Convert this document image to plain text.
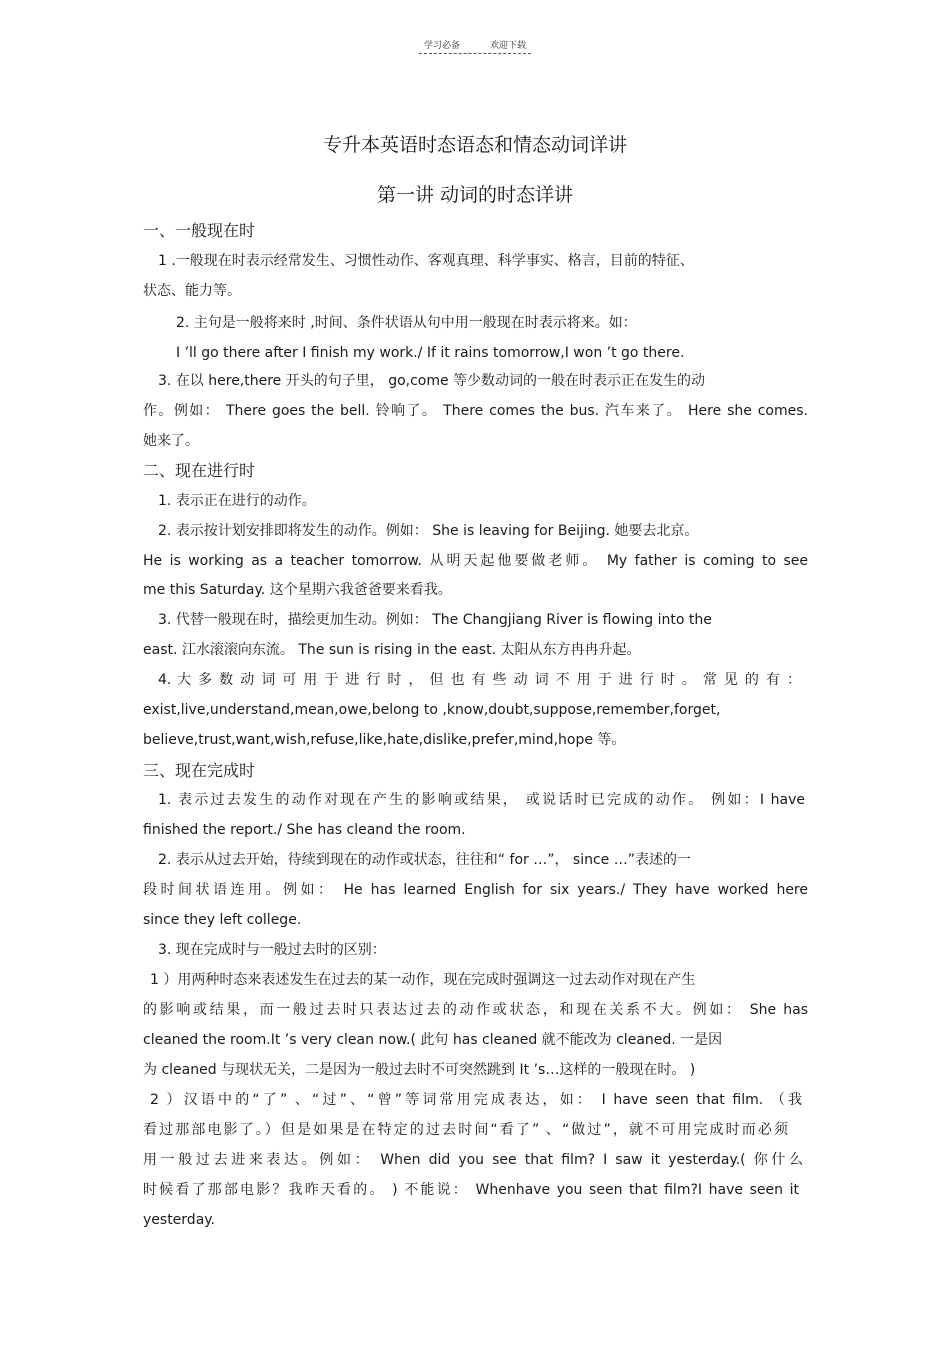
学习必备	欢迎下载
专升本英语时态语态和情态动词详讲
第一讲 动词的时态详讲
一、一般现在时
1 .一般现在时表示经常发生、习惯性动作、客观真理、科学事实、格言，目前的特征、
状态、能力等。
2. 主句是一般将来时 ,时间、条件状语从句中用一般现在时表示将来。如：
I ’ll go there after I finish my work./ If it rains tomorrow,I won ’t go there.
3. 在以 here,there 开头的句子里， go,come 等少数动词的一般在时表示正在发生的动
作。例如： There goes the bell. 铃响了。 There comes the bus. 汽车来了。 Here she comes.
她来了。
二、现在进行时
1. 表示正在进行的动作。
2. 表示按计划安排即将发生的动作。例如： She is leaving for Beijing. 她要去北京。
He is working as a teacher tomorrow. 从明天起他要做老师。 My father is coming to see
me this Saturday. 这个星期六我爸爸要来看我。
3. 代替一般现在时，描绘更加生动。例如： The Changjiang River is flowing into the
east. 江水滚滚向东流。 The sun is rising in the east. 太阳从东方冉冉升起。
4. 大 多 数 动 词 可 用 于 进 行 时 ， 但 也 有 些 动 词 不 用 于 进 行 时 。 常 见 的 有 ：
exist,live,understand,mean,owe,belong to ,know,doubt,suppose,remember,forget,
believe,trust,want,wish,refuse,like,hate,dislike,prefer,mind,hope 等。
三、现在完成时
1. 表示过去发生的动作对现在产生的影响或结果， 或说话时已完成的动作。 例如：I have
finished the report./ She has cleand the room.
2. 表示从过去开始，待续到现在的动作或状态，往往和“ for …”， since …”表述的一
段时间状语连用。例如： He has learned English for six years./ They have worked here
since they left college.
3. 现在完成时与一般过去时的区别：
1 ）用两种时态来表述发生在过去的某一动作，现在完成时强调这一过去动作对现在产生
的影响或结果，而一般过去时只表达过去的动作或状态，和现在关系不大。例如： She has
cleaned the room.It ’s very clean now.( 此句 has cleaned 就不能改为 cleaned. 一是因
为 cleaned 与现状无关，二是因为一般过去时不可突然跳到 It ’s…这样的一般现在时。 )
2 ）汉语中的“了” 、“过”、“曾”等词常用完成表达，如： I have seen that film. （我
看过那部电影了。）但是如果是在特定的过去时间“看了” 、“做过”，就不可用完成时而必须
用一般过去进来表达。例如： When did you see that film? I saw it yesterday.( 你什么
时候看了那部电影？我昨天看的。 ) 不能说： Whenhave you seen that film?I have seen it
yesterday.
